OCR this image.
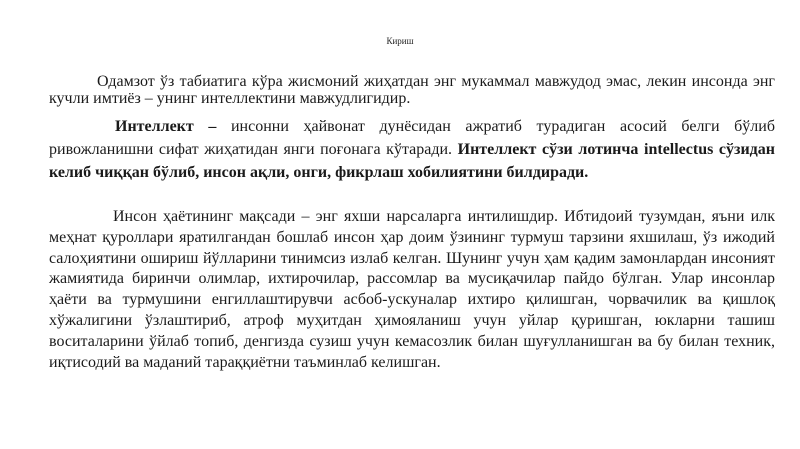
Кириш

Одамзот ўз табиатига кўра жисмоний жиҳатдан энг мукаммал мавжудод эмас, лекин инсонда энг кучли имтиёз – унинг интеллектини мавжудлигидир.

Интеллект – инсонни ҳайвонат дунёсидан ажратиб турадиган асосий белги бўлиб ривожланишни сифат жиҳатидан янги поғонага кўтаради. Интеллект сўзи лотинча intellectus сўзидан келиб чиққан бўлиб, инсон ақли, онги, фикрлаш хобилиятини билдиради.

Инсон ҳаётининг мақсади – энг яхши нарсаларга интилишдир. Ибтидоий тузумдан, яъни илк меҳнат қуроллари яратилгандан бошлаб инсон ҳар доим ўзининг турмуш тарзини яхшилаш, ўз ижодий салоҳиятини ошириш йўлларини тинимсиз излаб келган. Шунинг учун ҳам қадим замонлардан инсоният жамиятида биринчи олимлар, ихтирочилар, рассомлар ва мусиқачилар пайдо бўлган. Улар инсонлар ҳаёти ва турмушини енгиллаштирувчи асбоб-ускуналар ихтиро қилишган, чорвачилик ва қишлоқ хўжалигини ўзлаштириб, атроф муҳитдан ҳимояланиш учун уйлар қуришган, юкларни ташиш воситаларини ўйлаб топиб, денгизда сузиш учун кемасозлик билан шуғулланишган ва бу билан техник, иқтисодий ва маданий тараққиётни таъминлаб келишган.
